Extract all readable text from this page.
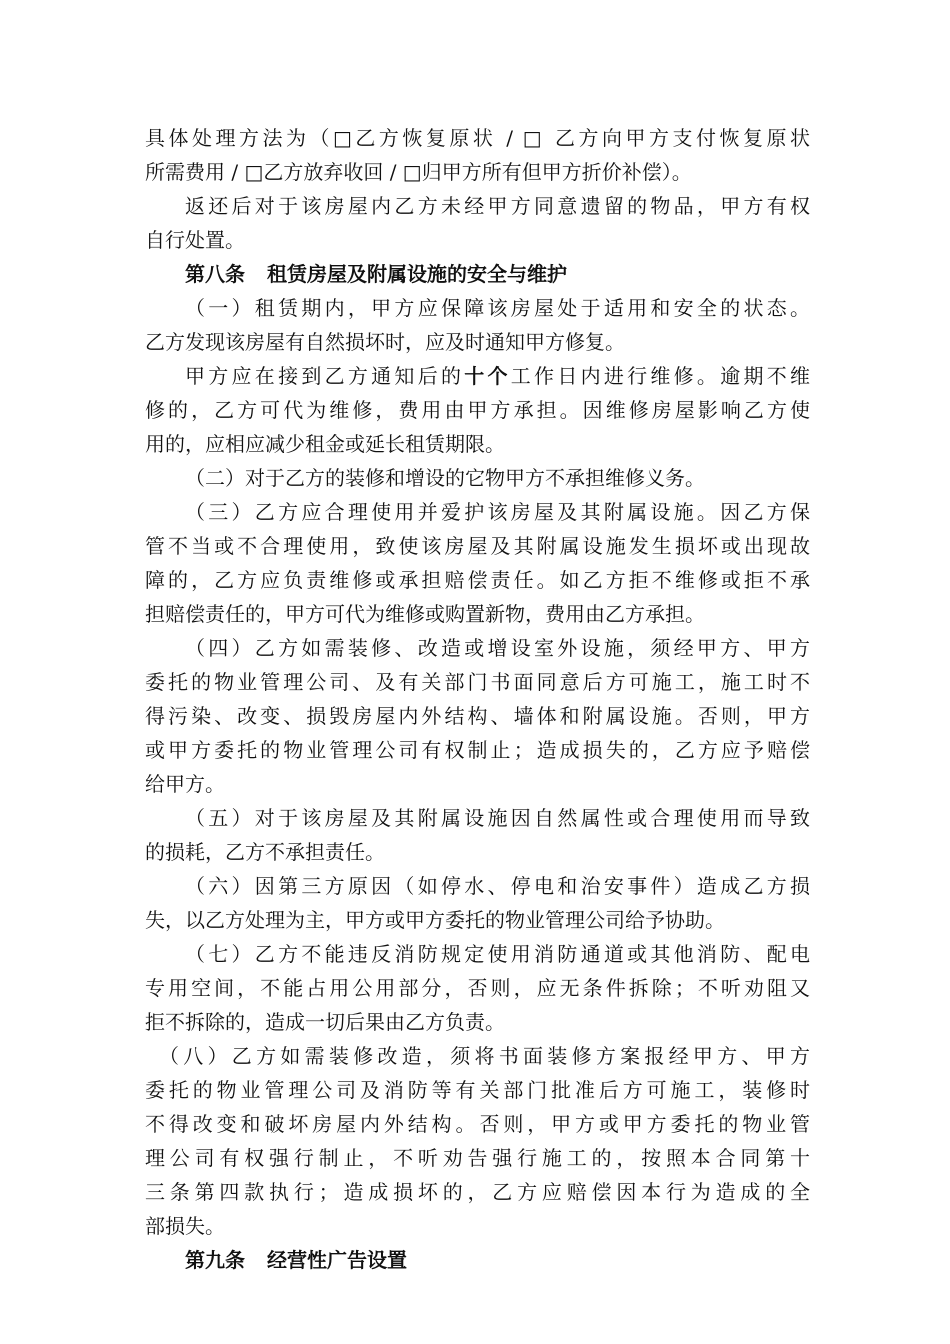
具体处理方法为（□乙方恢复原状 / □ 乙方向甲方支付恢复原状
所需费用 / □乙方放弃收回 / □归甲方所有但甲方折价补偿）。
返还后对于该房屋内乙方未经甲方同意遗留的物品，甲方有权
自行处置。
第八条 租赁房屋及附属设施的安全与维护
（一）租赁期内，甲方应保障该房屋处于适用和安全的状态。
乙方发现该房屋有自然损坏时，应及时通知甲方修复。
甲方应在接到乙方通知后的十个工作日内进行维修。逾期不维
修的，乙方可代为维修，费用由甲方承担。因维修房屋影响乙方使
用的，应相应减少租金或延长租赁期限。
（二）对于乙方的装修和增设的它物甲方不承担维修义务。
（三）乙方应合理使用并爱护该房屋及其附属设施。因乙方保
管不当或不合理使用，致使该房屋及其附属设施发生损坏或出现故
障的，乙方应负责维修或承担赔偿责任。如乙方拒不维修或拒不承
担赔偿责任的，甲方可代为维修或购置新物，费用由乙方承担。
（四）乙方如需装修、改造或增设室外设施，须经甲方、甲方
委托的物业管理公司、及有关部门书面同意后方可施工，施工时不
得污染、改变、损毁房屋内外结构、墙体和附属设施。否则，甲方
或甲方委托的物业管理公司有权制止；造成损失的，乙方应予赔偿
给甲方。
（五）对于该房屋及其附属设施因自然属性或合理使用而导致
的损耗，乙方不承担责任。
（六）因第三方原因（如停水、停电和治安事件）造成乙方损
失，以乙方处理为主，甲方或甲方委托的物业管理公司给予协助。
（七）乙方不能违反消防规定使用消防通道或其他消防、配电
专用空间，不能占用公用部分，否则，应无条件拆除；不听劝阻又
拒不拆除的，造成一切后果由乙方负责。
（八）乙方如需装修改造，须将书面装修方案报经甲方、甲方
委托的物业管理公司及消防等有关部门批准后方可施工，装修时
不得改变和破坏房屋内外结构。否则，甲方或甲方委托的物业管
理公司有权强行制止，不听劝告强行施工的，按照本合同第十
三条第四款执行；造成损坏的，乙方应赔偿因本行为造成的全
部损失。
第九条 经营性广告设置
